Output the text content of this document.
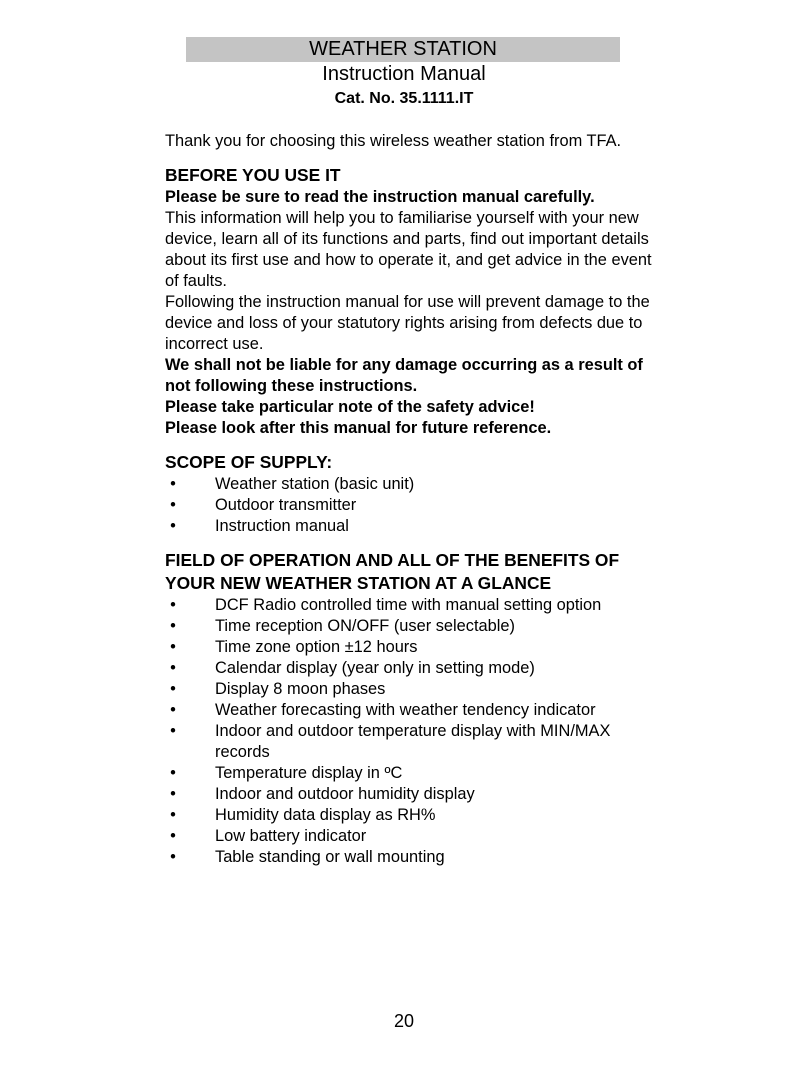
WEATHER STATION
Instruction Manual
Cat. No. 35.1111.IT

Thank you for choosing this wireless weather station from TFA.

BEFORE YOU USE IT

Please be sure to read the instruction manual carefully.

This information will help you to familiarise yourself with your new device, learn all of its functions and parts, find out important details about its first use and how to operate it, and get advice in the event of faults.

Following the instruction manual for use will prevent damage to the device and loss of your statutory rights arising from defects due to incorrect use.

We shall not be liable for any damage occurring as a result of not following these instructions.

Please take particular note of the safety advice!

Please look after this manual for future reference.

SCOPE OF SUPPLY:
• Weather station (basic unit)
• Outdoor transmitter
• Instruction manual
FIELD OF OPERATION AND ALL OF THE BENEFITS OF YOUR NEW WEATHER STATION AT A GLANCE
• DCF Radio controlled time with manual setting option
• Time reception ON/OFF (user selectable)
• Time zone option ±12 hours
• Calendar display (year only in setting mode)
• Display 8 moon phases
• Weather forecasting with weather tendency indicator
• Indoor and outdoor temperature display with MIN/MAX records
• Temperature display in ºC
• Indoor and outdoor humidity display
• Humidity data display as RH%
• Low battery indicator
• Table standing or wall mounting
20
